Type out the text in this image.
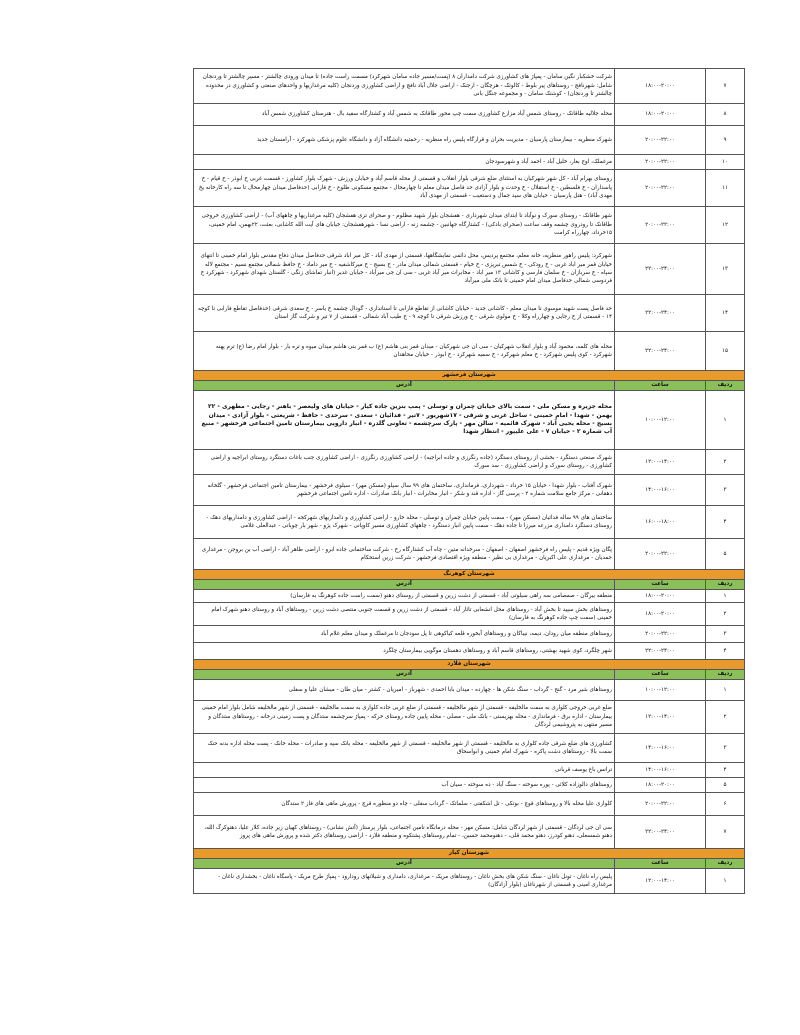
۷	۱۸:۰۰-۲۰:۰۰	شرکت خشکبار نگین سامان - پمپاژ های کشاورزی شرکت دامداران ۸ (پست/مسیر جاده سامان شهرکرد) مسمت راست جاده) تا میدان ورودی چالشتر - مسیر چالشتر تا وردنجان شامل: شهرنافچ - روستاهای پیر بلوط - کالوتک - هرچگان - ارجنک - اراضی جلال آباد نافچ و اراضی کشاورزی وردنجان (کلیه مرغداریها و واحدهای صنعتی و کشاورزی در محدوده چالشتر تا وردنجان) - کوشتک سامان - و مجموعه جنگل بانی
۸	۱۸:۰۰-۲۰:۰۰	محله جلالیه طاقانک - روستای شمس آباد مزارع کشاورزی سمت چپ محور طاقانک به شمس آباد و کشتارگاه سفید بال - هنرستان کشاورزی شمس آباد
۹	۲۰:۰۰-۲۲:۰۰	شهرک منظریه - بیمارستان پارسیان - مدیریت بحران و قرارگاه پلیس راه منظریه - رحمتیه دانشگاه آزاد و دانشگاه علوم پزشکی شهرکرد - آرامستان جدید
۱۰	۲۰:۰۰-۲۲:۰۰	مرغملک، اوج بغار، خلیل آباد - احمد آباد و شهرسودجان
۱۱	۲۰:۰۰-۲۲:۰۰	روستای بهرام آباد - کل شهر شهرکیان به استثنای ضلع شرقی بلوار انقلاب و قسمتی از محله قاسم آباد و خیابان ورزش - شهرک بلوار کشاورز - قسمت غربی خ ابوذر - خ قیام - خ پاسداران - خ فلسطین - خ استقلال - خ وحدت و بلوار آزادی حد فاصل میدان معلم تا چهارمحال - مجتمع مسکونی طلوع - خ فارابی (حدفاصل میدان چهارمحال تا سه راه کارخانه یخ مهدی آباد) - هتل پارسیان - خیابان های سید جمال و دستغیب - قسمتی از مهدی آباد
۱۲	۲۰:۰۰-۲۲:۰۰	شهر طاقانک - روستای سورک و نوآباد تا ابتدای میدان شهرداری - هفشجان بلوار شهید مظلوم - و صحرای تری هفشجان (کلیه مرغداریها و چاههای آب) - اراضی کشاورزی خروجی طاقانک تا رودروی چشمه وقف ساعت (صحرای بادکی) - کشتارگاه جهانبین - چشمه زنه - اراضی نسا - شهرهفشجان: خیابان های آیت الله کاشانی، بعثت، ۲۲بهمن، امام خمینی، ۱۵خرداد، چهارراه کرامت
۱۳	۲۲:۰۰-۲۴:۰۰	شهرکرد: پلیس راهور منظریه، خانه معلم، مجتمع پردیس، محل دائمی نمایشگاهها، قسمتی از مهدی آباد - کل میر اباد شرقی حدفاصل میدان دفاع مقدس بلوار امام خمینی تا انتهای خیابان قمر میر اباد غربی - خ رودکی - خ شمس تبریزی - خ خیام - قسمتی شمالی میدان مادر - خ بسیج - خ میرکاشفیه - خ میر داماد - خ حافظ شمالی مجتمع نسیم - مجتمع لاله سپاه - خ سربازان - خ سلمان فارسی و کاشانی ۱۳ میر اباد - مخابرات میر آباد غربی - سی ان جی میرآباد - خیابان غدیر (انبار تماشای زنگی - گلستان شهدای شهرکرد - شهرکرد خ فردوسی شمالی حدفاصل میدان امام خمینی تا بانک ملی میرآباد
۱۴	۲۲:۰۰-۲۴:۰۰	حد فاصل پست شهید موسوی تا میدان معلم - کاشانی جدید - خیابان کاشانی از تقاطع فارابی تا استانداری - گودال چشمه خ یاسر - خ سعدی شرقی (حدفاصل تقاطع فارابی تا کوچه ۱۴ - قسمتی از خ رجایی و چهارراه وکلا - خ مولوی شرقی - خ ورزش شرقی تا کوچه ۹ - خ طیب آباد شمالی - قسمتی از ۷ تیر و شرکت گاز استان
۱۵	۲۲:۰۰-۲۴:۰۰	محله های کلمه، محمود آباد و بلوار انقلاب شهرکیان - سی ان جی شهرکیان - میدان قمر بنی هاشم (ع) ب قمر بنی هاشم میدان میوه و تره بار - بلوار امام رضا (ع) ترم پهنه شهرکرد - کوی پلیس شهرکرد - خ معلم شهرکرد - خ سمیه شهرکرد - خ ابوذر - خیابان محاهدان
شهرستان فرخشهر		
ردیف	ساعت	آدرس
۱	۱۰:۰۰-۱۲:۰۰	محله جزیره و مسکن ملی - سمت بالای خیابان چمران و توسلی - پمپ بنزین جاده کیار - خیابان های ولیعصر - باهنر - رجایی - مطهری - ۲۲ بهمن - شهدا - امام خمینی - ساحل غربی و شرقی - ۱۷شهریور - ۷تیر - فدائیان - سعدی - سرحدی - حافظ - شریعتی - بلوار آزادی - میدان بسیج - محله یحیی آباد - شهرک قائمیه - سالن مهر - پارک سرچشمه - تعاونی گلدره - انبار دارویی بیمارستان تامین اجتماعی فرخشهر - منبع آب شماره ۲ - خیابان ۷ - علی علیپور - انتظار شهدا
۲	۱۲:۰۰-۱۴:۰۰	شهرک صنعتی دستگرد - بخشی از روستای دستگرد (جاده رنگرزی و جاده ابراجیه) - اراضی کشاورزی رنگرزی - اراضی کشاورزی جنب باغات دستگرد روستای ابراجیه و اراضی کشاورزی - روستای سورک و اراضی کشاورزی - سد سورک
۳	۱۴:۰۰-۱۶:۰۰	شهرک آفتاب - بلوار شهدا - خیابان ۱۵ خرداد - شهرداری، فرمانداری، ساختمان های ۹۹ سال سیلو (مسکن مهر) - سیلوی فرخشهر - بیمارستان تامین اجتماعی فرخشهر - گلخانه دهقانی - مرکز جامع سلامت شماره ۲ - پرسی گاز - اداره قند و شکر - انبار مخابرات - انبار بانک صادرات - اداره تامین اجتماعی فرخشهر
۴	۱۶:۰۰-۱۸:۰۰	ساختمان های ۹۹ ساله فدائیان (مسکن مهر) - سمت پایین خیابان چمران و توسلی - محله خارو - اراضی کشاورزی و دامداریهای شهرکجه - اراضی کشاورزی و دامداریهای دهک - روستای دستگرد دامداری مزرعه میرزا تا جاده دهک - سمت پایین انبار دستگرد - چاههای کشاورزی مسیر کاوپانی - شهرک پژو - شهر بار چوبانی - عبدالعلی غلامی
۵	۲۰:۰۰-۲۲:۰۰	پگان ویژه قدیم - پلیس راه فرخشهر اصفهان - اصفهان - سرخدانه متین - چاه آب کشتارگاه رخ - شرکت ساختمانی جاده ابرو - اراضی طاهر آباد - اراضی آب بن بروجن - مرغداری حمدیان - مرغداری علی اکبریان - مرغداری بی نظیر - منطقه ویژه اقتصادی فرخشهر - شرکت زرین استحکام
شهرستان کوهرنگ		
ردیف	ساعت	آدرس
۱	۱۸:۰۰-۲۰:۰۰	منطقه بیرگان - صمصامی سه راهی سیلوتی آباد - قسمتی از دشت زرین و قسمتی از روستای دهنو (سمت راست جاده کوهرنگ به فارسان)
۲	۱۸:۰۰-۲۰:۰۰	روستاهای بخش سپید تا بخش آباد - روستاهای محل انشعابی تاثار آباد - قسمتی از دشت زرین و قسمت جنوبی منتصی دشت زرین - روستاهای آباد و روستای دهنو شهرک امام خمینی (سمت چپ جاده کوهرنگ به فارسان)
۳	۲۰:۰۰-۲۲:۰۰	روستاهای منطقه میان رودان، دیمه، نیباکان و روستاهای آبخوره قلعه کیاکوهی تا پل سودجان تا مرغملک و میدان معلم غلام آباد
۴	۲۲:۰۰-۲۴:۰۰	شهر چلگرد، کوی شهید بهشتی، روستاهای قاسم آباد و روستاهای دهستان موگویی بیمارستان چلگرد
شهرستان فلارد		
ردیف	ساعت	آدرس
۱	۱۰:۰۰-۱۲:۰۰	روستاهای شیر مرد - گنج - گرداب - سنگ شکن ها - چهارده - میدان بابا احمدی - شهرباز - امیریان - کشتر - میان طان - میشان علیا و سفلی
۲	۱۲:۰۰-۱۴:۰۰	ضلع غربی خروجی کلواری به سمت مالخلیفه - قسمتی از شهر مالخلیفه - قسمتی از ضلع غربی جاده کلواری به سمت مالخلیفه - قسمتی از شهر مالخلیفه شامل بلوار امام خمینی بیمارستان - اداره برق - فرمانداری - محله بهزیستی - بانک ملی - مصلی - محله پایین جاده روستای خرکه - پمپاژ سرچشمه ستدگان و پست زمینی درخانه - روستاهای ستدگان و مسیر منتهی به پتروشیمی لردگان
۳	۱۴:۰۰-۱۶:۰۰	کشاورزی های ضلع شرقی جاده کلواری به مالخلیفه - قسمتی از شهر مالخلیفه - قسمتی از شهر مالخلیفه - محله بانک سپه و صادرات - محله خانک - پست محله اداره بدنه حنک سمت بالا - روستاهای دشت پاکره - شهرک امام خمینی و ابواسحاق
۴	۱۴:۰۰-۱۶:۰۰	ترانس باغ یوسف قربانی
۵	۱۸:۰۰-۲۰:۰۰	روستاهای دالوزاده کلائی - پوره سوخته - سنگ آباد - ده سوخته - سیان آب
۶	۲۰:۰۰-۲۲:۰۰	کلواری علیا محله بالا و روستاهای قوچ - بوتکی - تل اشکفتی - سلماتک - گرداب سفلی - چاه دو منظوره قرچ - پرورش ماهی های فاز ۲ ستدگان
۷	۲۲:۰۰-۲۴:۰۰	سی ان جی لردگان - قسمتی از شهر لردگان شامل: مسکن مهر - محله درمانگاه تامین اجتماعی، بلوار پرستار (آتش نشانی) - روستاهای کهیان زیر جاده، کلار علیا، دهنوکرگ الله، دهنو شمسعلی، دهنو کودرز، دهنو محمد قلی، - دهنومحمد حسین، - تمام روستاهای پشتکوه و منطقه فلارد - اراضی روستاهای دکتر شده و پرورش ماهی های پروز
شهرستان کیار		
ردیف	ساعت	آدرس
۱	۱۲:۰۰-۱۴:۰۰	پلیس راه ناغان - تونل ناغان - سنگ شکن های بخش ناغان - روستاهای مریک - مرغداری، دامداری و شیلاتهای رودارود - پمپاژ طرح مریک - پاسگاه ناغان - بخشداری ناغان - مرغداری امینی و قسمتی از شهرناغان (بلوار آزادگان)
